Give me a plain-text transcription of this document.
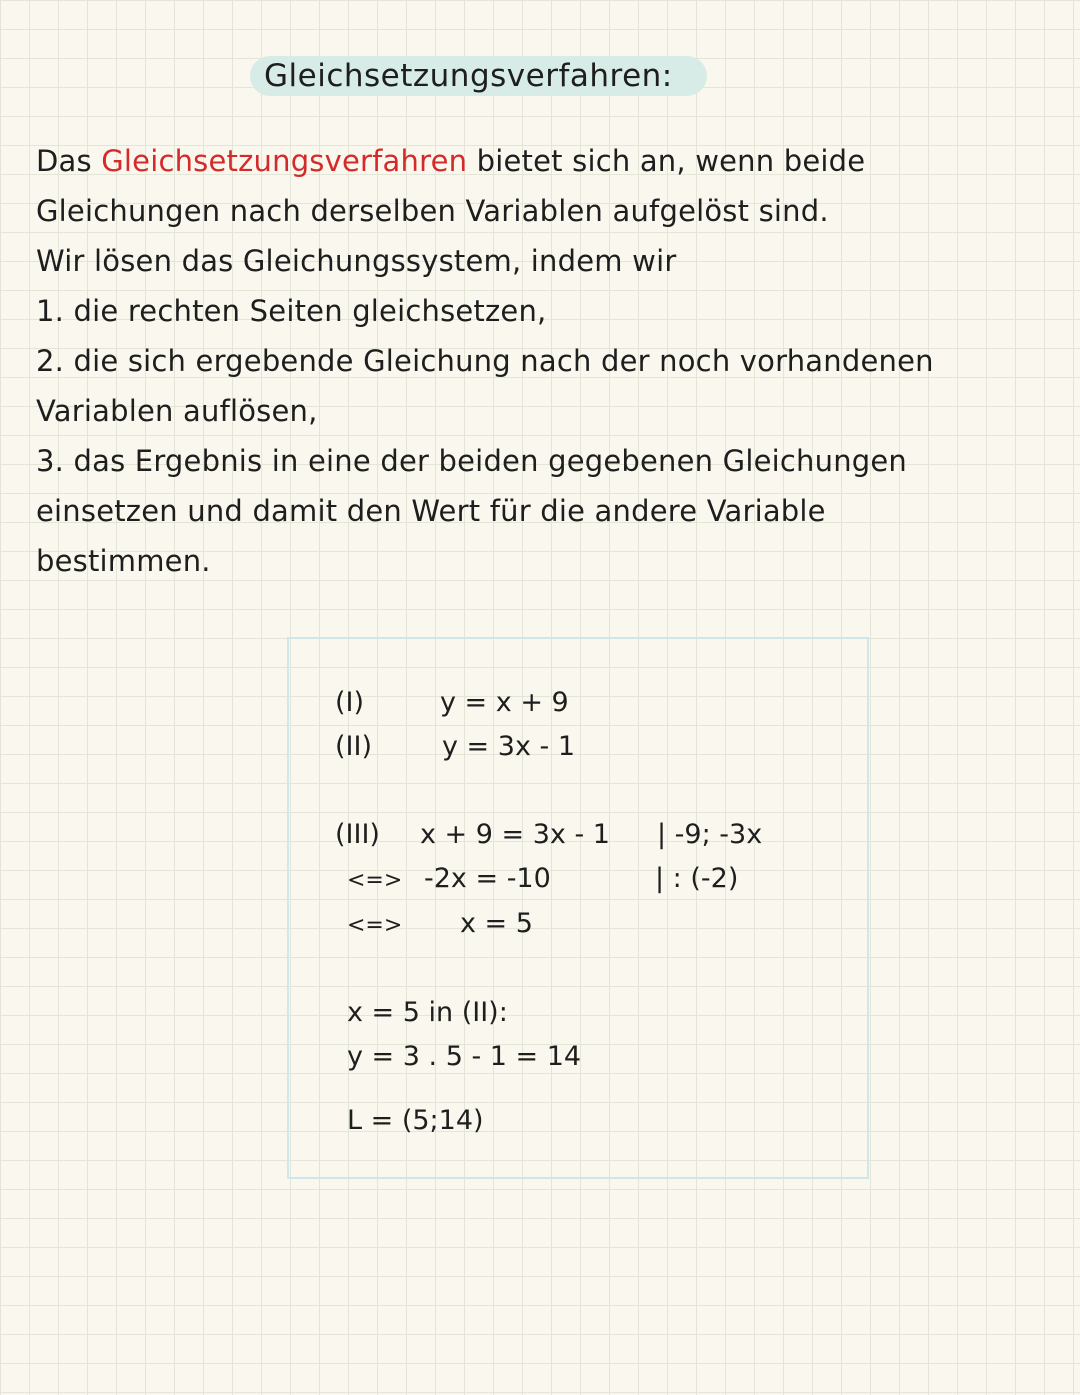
Gleichsetzungsverfahren:

Das Gleichsetzungsverfahren bietet sich an, wenn beide

Gleichungen nach derselben Variablen aufgelöst sind.

Wir lösen das Gleichungssystem, indem wir

1. die rechten Seiten gleichsetzen,

2. die sich ergebende Gleichung nach der noch vorhandenen

Variablen auflösen,

3. das Ergebnis in eine der beiden gegebenen Gleichungen

einsetzen und damit den Wert für die andere Variable

bestimmen.

(I)	y = x + 9
(II)	y = 3x - 1
(III) x + 9 = 3x - 1 | -9; -3x
<=> -2x = -10	| : (-2)
<=> x = 5
x = 5 in (II):
y = 3 . 5 - 1 = 14
L = (5;14)
